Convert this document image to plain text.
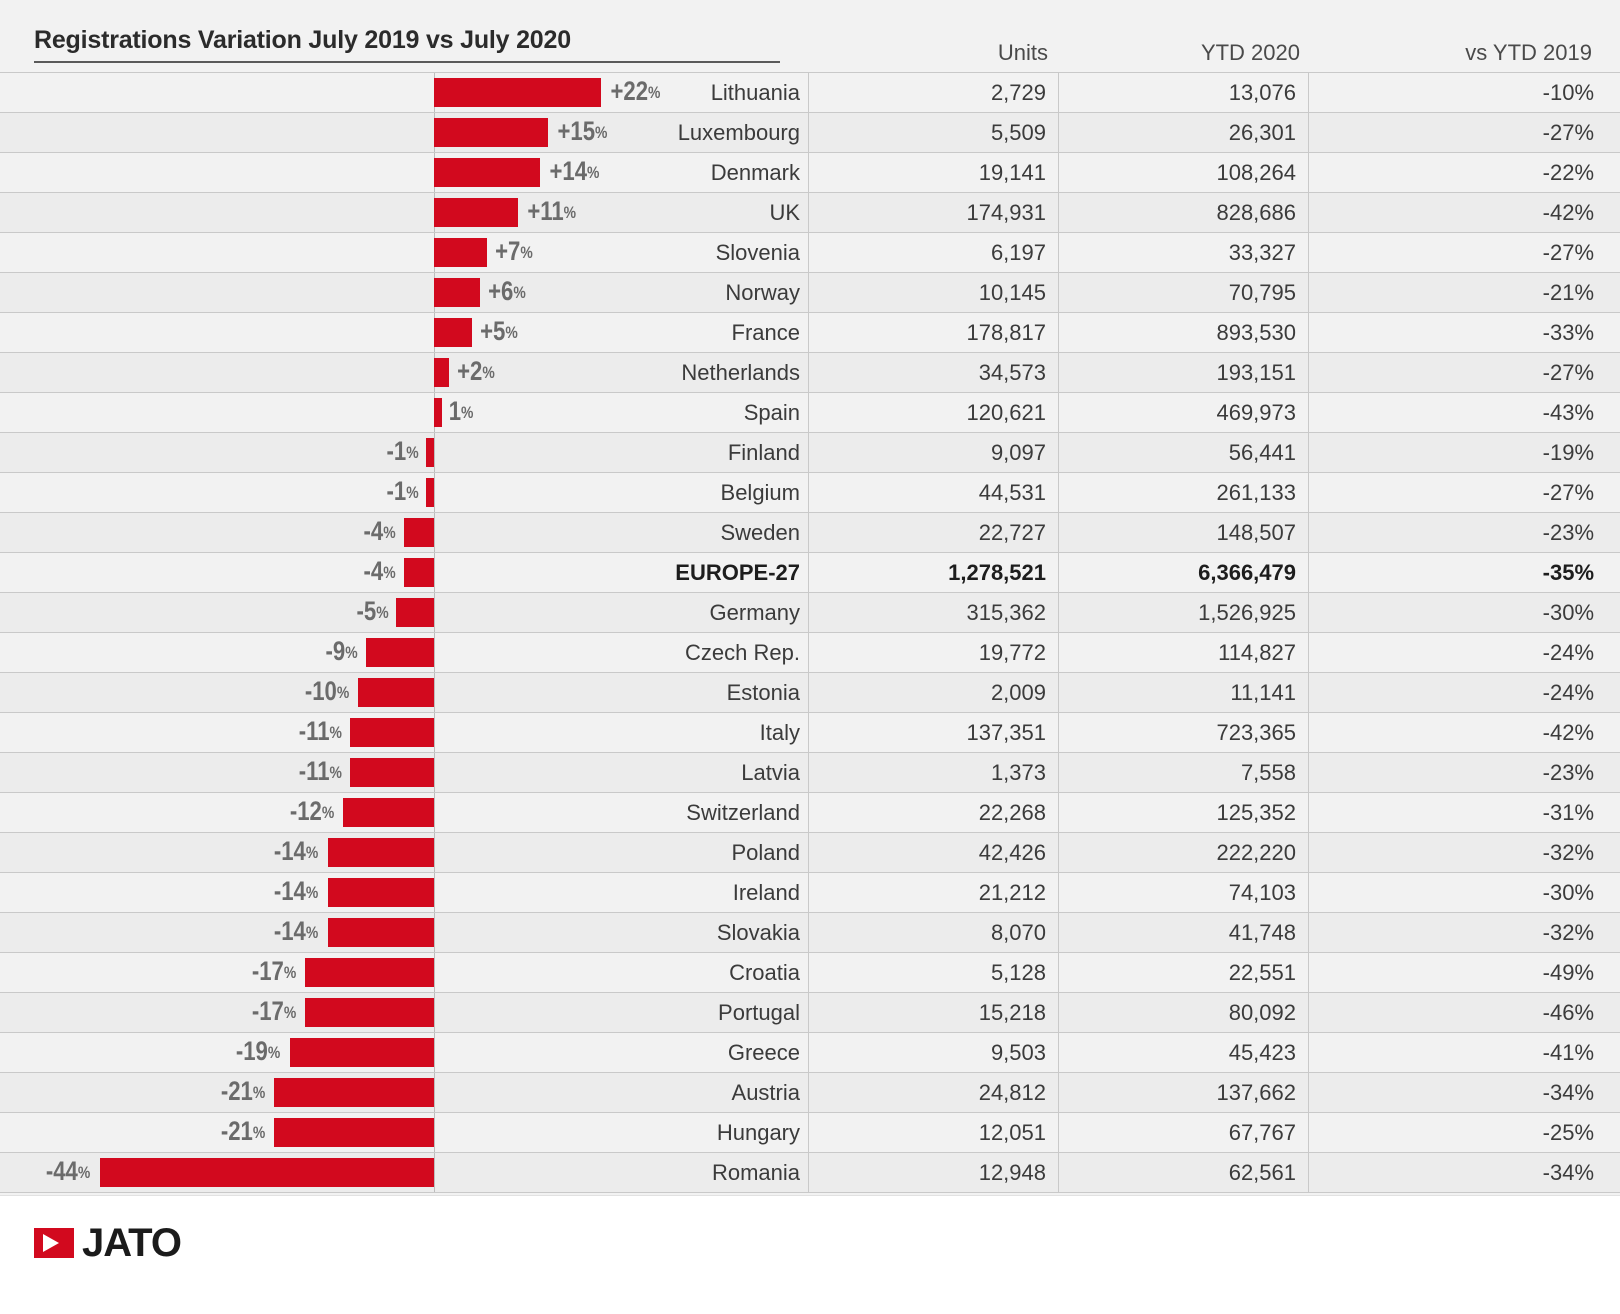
Registrations Variation July 2019 vs July 2020	Units	YTD 2020	vs YTD 2019
+22% Lithuania	2,729	13,076	-10%
+15%	Luxembourg	5,509	26,301	-27%
+14%	Denmark	19,141	108,264	-22%
+11%	UK	174,931	828,686	-42%
+7%	Slovenia	6,197	33,327	-27%
+6%	Norway	10,145	70,795	-21%
+5%	France	178,817	893,530	-33%
+2%	Netherlands	34,573	193,151	-27%
1%	Spain	120,621	469,973	-43%
-1%	Finland	9,097	56,441	-19%
-1%	Belgium	44,531	261,133	-27%
-4%	Sweden	22,727	148,507	-23%
-4%	EUROPE-27	1,278,521	6,366,479	-35%
-5%	Germany	315,362	1,526,925	-30%
-9%	Czech Rep.	19,772	114,827	-24%
-10%	Estonia	2,009	11,141	-24%
-11%	Italy	137,351	723,365	-42%
-11%	Latvia	1,373	7,558	-23%
-12%	Switzerland	22,268	125,352	-31%
-14%	Poland	42,426	222,220	-32%
-14%	Ireland	21,212	74,103	-30%
-14%	Slovakia	8,070	41,748	-32%
-17%	Croatia	5,128	22,551	-49%
-17%	Portugal	15,218	80,092	-46%
-19%	Greece	9,503	45,423	-41%
-21%	Austria	24,812	137,662	-34%
-21%	Hungary	12,051	67,767	-25%
-44%	Romania	12,948	62,561	-34%
JATO
